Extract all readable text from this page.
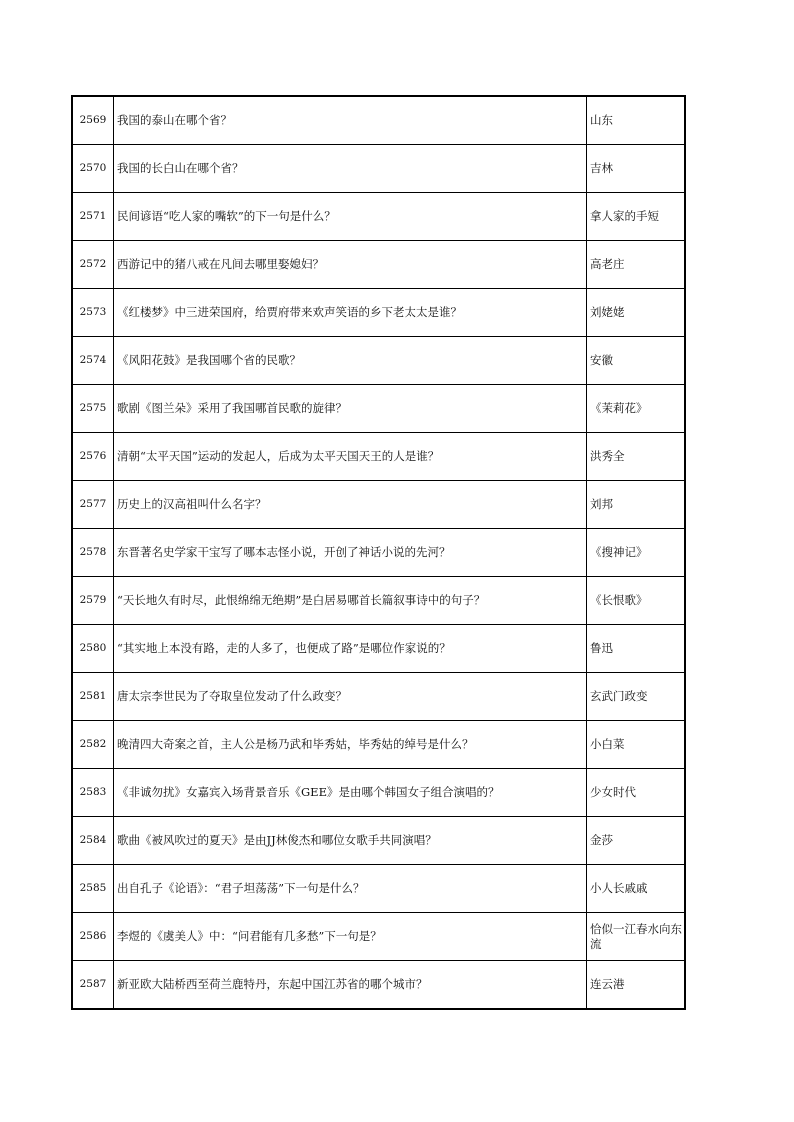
2569	我国的泰山在哪个省？	山东
2570	我国的长白山在哪个省？	吉林
2571	民间谚语“吃人家的嘴软”的下一句是什么？	拿人家的手短
2572	西游记中的猪八戒在凡间去哪里娶媳妇？	高老庄
2573	《红楼梦》中三进荣国府，给贾府带来欢声笑语的乡下老太太是谁？	刘姥姥
2574	《风阳花鼓》是我国哪个省的民歌？	安徽
2575	歌剧《图兰朵》采用了我国哪首民歌的旋律？	《茉莉花》
2576	清朝“太平天国”运动的发起人，后成为太平天国天王的人是谁？	洪秀全
2577	历史上的汉高祖叫什么名字？	刘邦
2578	东晋著名史学家干宝写了哪本志怪小说，开创了神话小说的先河？	《搜神记》
2579	“天长地久有时尽，此恨绵绵无绝期”是白居易哪首长篇叙事诗中的句子？	《长恨歌》
2580	“其实地上本没有路，走的人多了，也便成了路”是哪位作家说的？	鲁迅
2581	唐太宗李世民为了夺取皇位发动了什么政变？	玄武门政变
2582	晚清四大奇案之首，主人公是杨乃武和毕秀姑，毕秀姑的绰号是什么？	小白菜
2583	《非诚勿扰》女嘉宾入场背景音乐《GEE》是由哪个韩国女子组合演唱的？	少女时代
2584	歌曲《被风吹过的夏天》是由JJ林俊杰和哪位女歌手共同演唱？	金莎
2585	出自孔子《论语》：“君子坦荡荡”下一句是什么？	小人长戚戚
2586	李煜的《虞美人》中：“问君能有几多愁”下一句是？	恰似一江春水向东流
2587	新亚欧大陆桥西至荷兰鹿特丹，东起中国江苏省的哪个城市？	连云港
